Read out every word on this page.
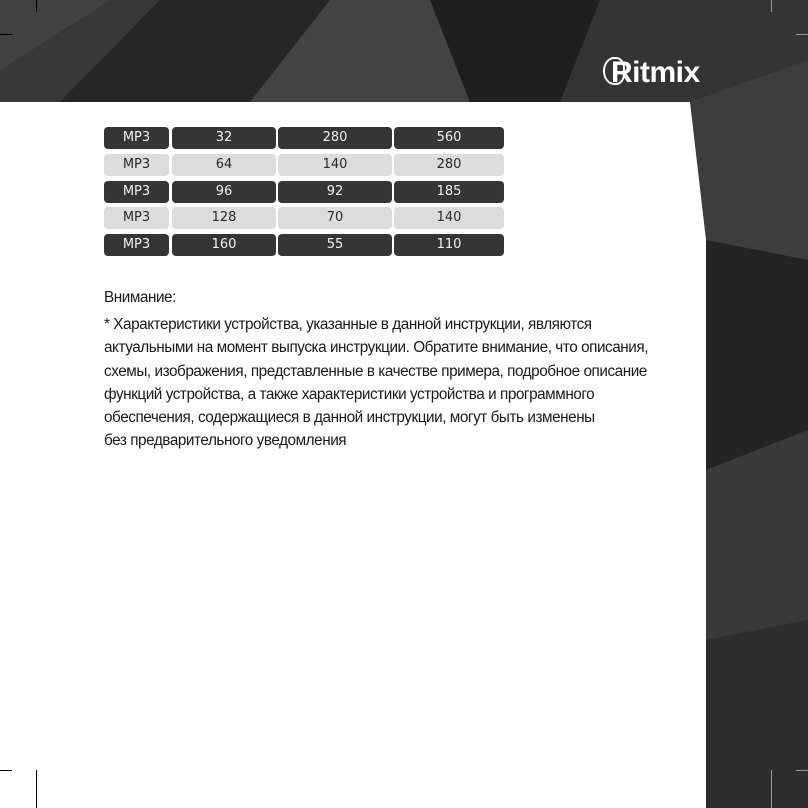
Ritmix
MP3	32	280	560
MP3	64	140	280
MP3	96	92	185
MP3	128	70	140
MP3	160	55	110
Внимание:
* Характеристики устройства, указанные в данной инструкции, являются
актуальными на момент выпуска инструкции. Обратите внимание, что описания,
схемы, изображения, представленные в качестве примера, подробное описание
функций устройства, а также характеристики устройства и программного
обеспечения, содержащиеся в данной инструкции, могут быть изменены
без предварительного уведомления
